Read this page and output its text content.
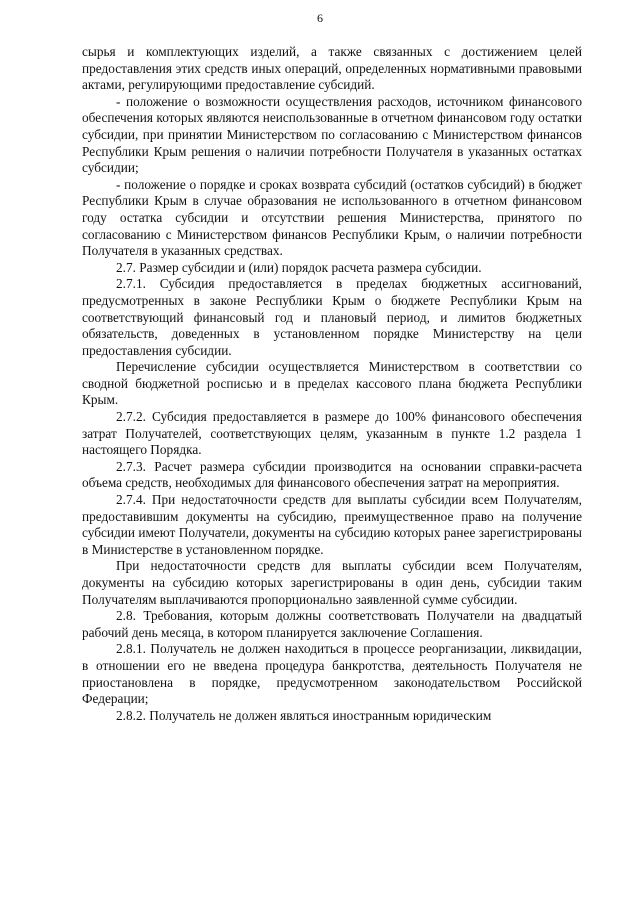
6

сырья и комплектующих изделий, а также связанных с достижением целей предоставления этих средств иных операций, определенных нормативными правовыми актами, регулирующими предоставление субсидий.

- положение о возможности осуществления расходов, источником финансового обеспечения которых являются неиспользованные в отчетном финансовом году остатки субсидии, при принятии Министерством по согласованию с Министерством финансов Республики Крым решения о наличии потребности Получателя в указанных остатках субсидии;

- положение о порядке и сроках возврата субсидий (остатков субсидий) в бюджет Республики Крым в случае образования не использованного в отчетном финансовом году остатка субсидии и отсутствии решения Министерства, принятого по согласованию с Министерством финансов Республики Крым, о наличии потребности Получателя в указанных средствах.

2.7. Размер субсидии и (или) порядок расчета размера субсидии.

2.7.1. Субсидия предоставляется в пределах бюджетных ассигнований, предусмотренных в законе Республики Крым о бюджете Республики Крым на соответствующий финансовый год и плановый период, и лимитов бюджетных обязательств, доведенных в установленном порядке Министерству на цели предоставления субсидии.

Перечисление субсидии осуществляется Министерством в соответствии со сводной бюджетной росписью и в пределах кассового плана бюджета Республики Крым.

2.7.2. Субсидия предоставляется в размере до 100% финансового обеспечения затрат Получателей, соответствующих целям, указанным в пункте 1.2 раздела 1 настоящего Порядка.

2.7.3. Расчет размера субсидии производится на основании справки-расчета объема средств, необходимых для финансового обеспечения затрат на мероприятия.

2.7.4. При недостаточности средств для выплаты субсидии всем Получателям, предоставившим документы на субсидию, преимущественное право на получение субсидии имеют Получатели, документы на субсидию которых ранее зарегистрированы в Министерстве в установленном порядке.

При недостаточности средств для выплаты субсидии всем Получателям, документы на субсидию которых зарегистрированы в один день, субсидии таким Получателям выплачиваются пропорционально заявленной сумме субсидии.

2.8. Требования, которым должны соответствовать Получатели на двадцатый рабочий день месяца, в котором планируется заключение Соглашения.

2.8.1. Получатель не должен находиться в процессе реорганизации, ликвидации, в отношении его не введена процедура банкротства, деятельность Получателя не приостановлена в порядке, предусмотренном законодательством Российской Федерации;

2.8.2. Получатель не должен являться иностранным юридическим
